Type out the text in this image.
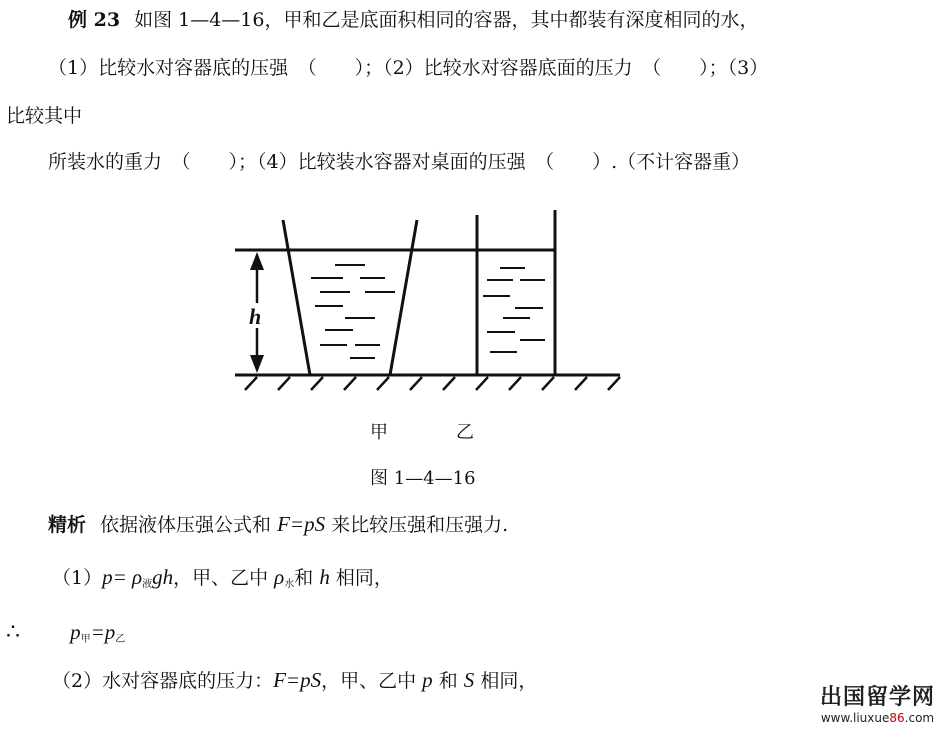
例 23 如图 1—4—16，甲和乙是底面积相同的容器，其中都装有深度相同的水，
（1）比较水对容器底的压强　（　　）；（2）比较水对容器底面的压力　（　　）；（3）
比较其中
所装水的重力　（　　）；（4）比较装水容器对桌面的压强　（　　）.（不计容器重）
h
甲	乙
图 1—4—16
精析 依据液体压强公式和 F=pS 来比较压强和压强力.
$(1)p= \rho_液gh$，甲、乙中 $\rho_水$和 h 相同，
∴ $p_甲=p_乙$
（2）水对容器底的压力：F=pS，甲、乙中 p 和 S 相同，
出国留学网
www.liuxue86.com
